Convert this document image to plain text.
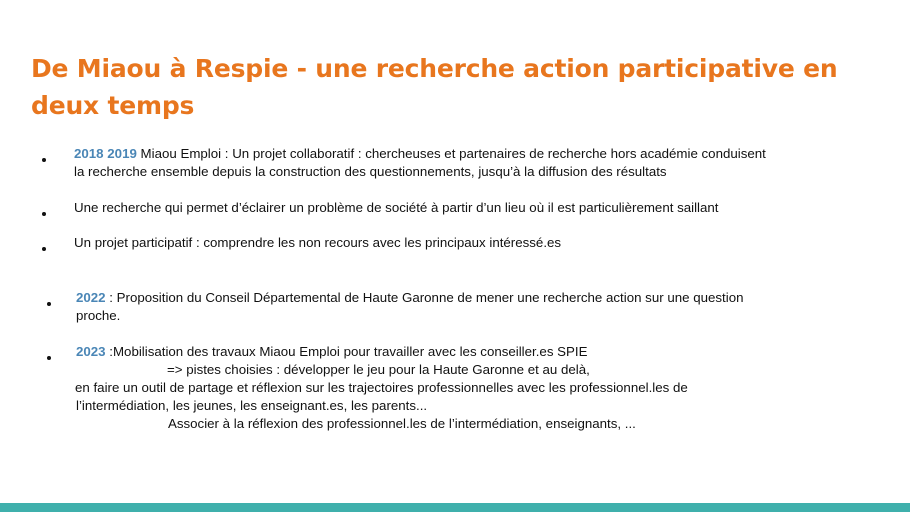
De Miaou à Respie - une recherche action participative en deux temps
2018 2019 Miaou Emploi : Un projet collaboratif : chercheuses et partenaires de recherche hors académie conduisent
la recherche ensemble depuis la construction des questionnements, jusqu’à la diffusion des résultats
Une recherche qui permet d’éclairer un problème de société à partir d’un lieu où il est particulièrement saillant
Un projet participatif : comprendre les non recours avec les principaux intéressé.es
2022 : Proposition du Conseil Départemental de Haute Garonne de mener une recherche action sur une question
proche.
2023 :Mobilisation des travaux Miaou Emploi pour travailler avec les conseiller.es SPIE
=> pistes choisies : développer le jeu pour la Haute Garonne et au delà,
en faire un outil de partage et réflexion sur les trajectoires professionnelles avec les professionnel.les de
l’intermédiation, les jeunes, les enseignant.es, les parents...
Associer à la réflexion des professionnel.les de l’intermédiation, enseignants, ...
